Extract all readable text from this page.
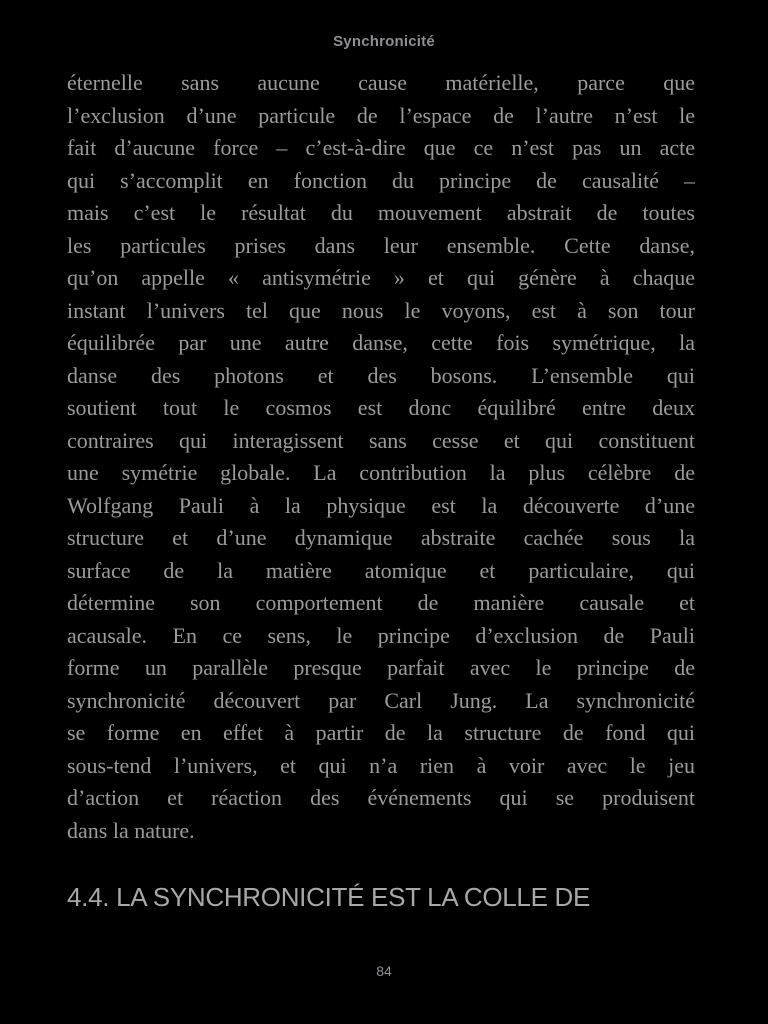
Synchronicité
éternelle sans aucune cause matérielle, parce que
l’exclusion d’une particule de l’espace de l’autre n’est le
fait d’aucune force – c’est-à-dire que ce n’est pas un acte
qui s’accomplit en fonction du principe de causalité –
mais c’est le résultat du mouvement abstrait de toutes
les particules prises dans leur ensemble. Cette danse,
qu’on appelle « antisymétrie » et qui génère à chaque
instant l’univers tel que nous le voyons, est à son tour
équilibrée par une autre danse, cette fois symétrique, la
danse des photons et des bosons. L’ensemble qui
soutient tout le cosmos est donc équilibré entre deux
contraires qui interagissent sans cesse et qui constituent
une symétrie globale. La contribution la plus célèbre de
Wolfgang Pauli à la physique est la découverte d’une
structure et d’une dynamique abstraite cachée sous la
surface de la matière atomique et particulaire, qui
détermine son comportement de manière causale et
acausale. En ce sens, le principe d’exclusion de Pauli
forme un parallèle presque parfait avec le principe de
synchronicité découvert par Carl Jung. La synchronicité
se forme en effet à partir de la structure de fond qui
sous-tend l’univers, et qui n’a rien à voir avec le jeu
d’action et réaction des événements qui se produisent
dans la nature.
4.4. LA SYNCHRONICITÉ EST LA COLLE DE
84
